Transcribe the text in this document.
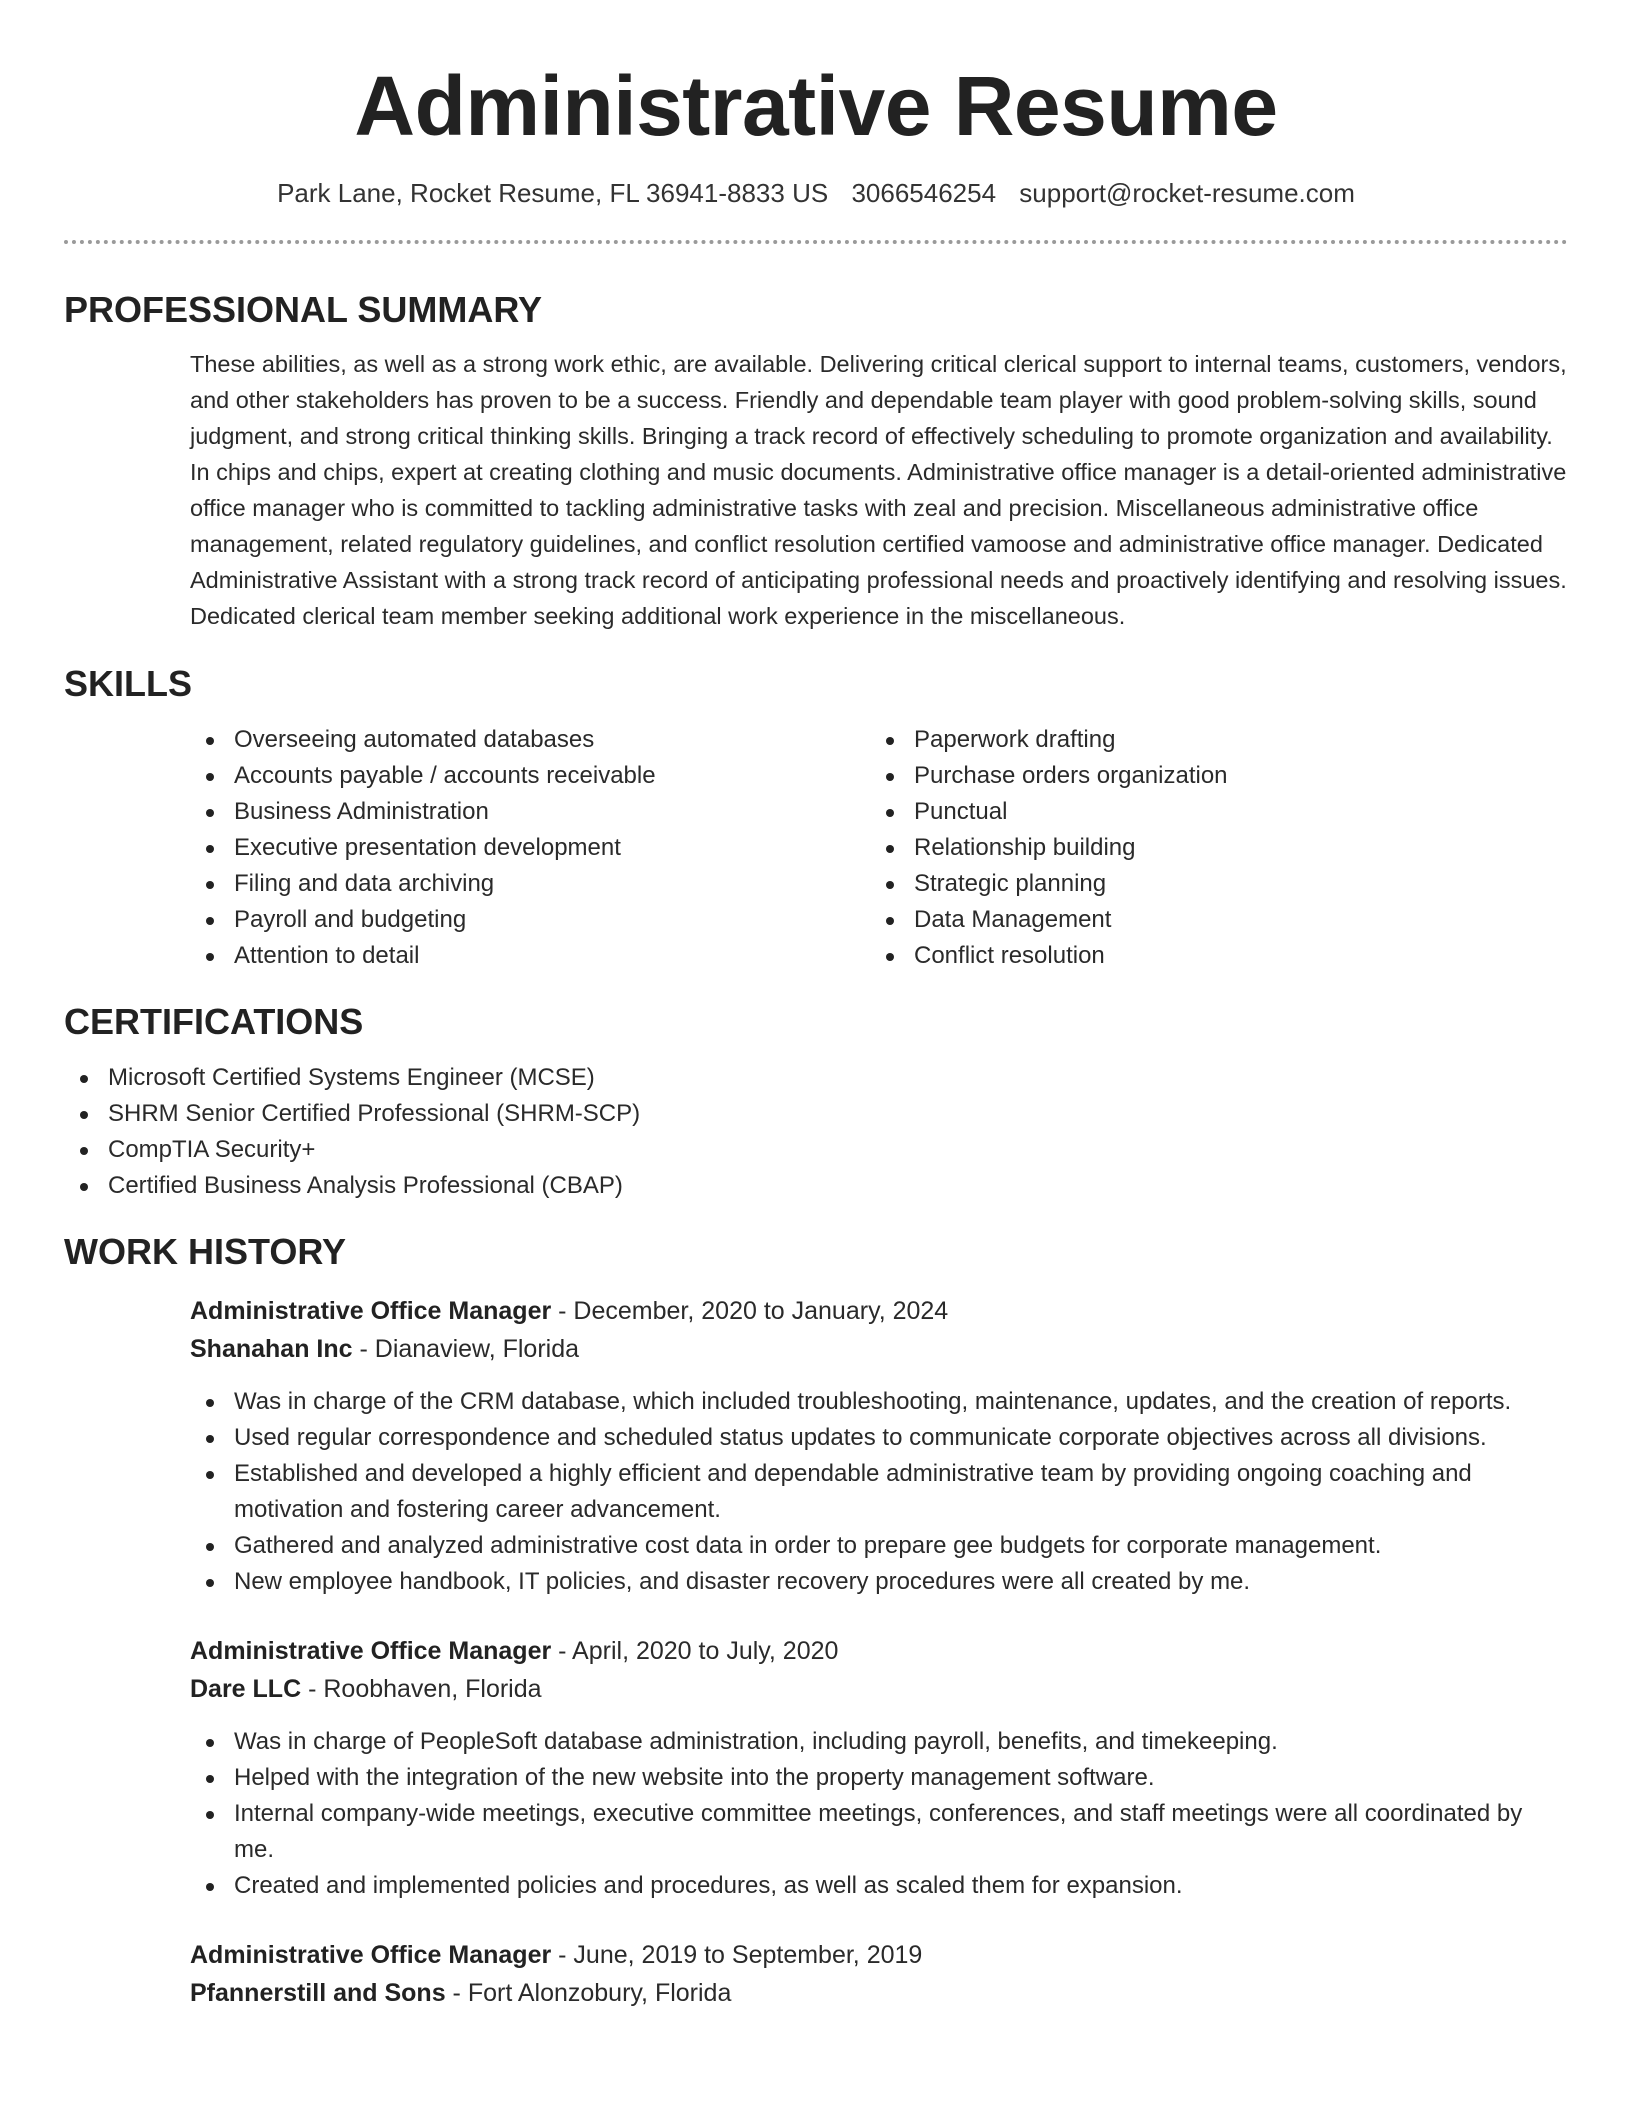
Administrative Resume
Park Lane, Rocket Resume, FL 36941-8833 US 3066546254 support@rocket-resume.com
PROFESSIONAL SUMMARY

These abilities, as well as a strong work ethic, are available. Delivering critical clerical support to internal teams, customers, vendors, and other stakeholders has proven to be a success. Friendly and dependable team player with good problem-solving skills, sound judgment, and strong critical thinking skills. Bringing a track record of effectively scheduling to promote organization and availability. In chips and chips, expert at creating clothing and music documents. Administrative office manager is a detail-oriented administrative office manager who is committed to tackling administrative tasks with zeal and precision. Miscellaneous administrative office management, related regulatory guidelines, and conflict resolution certified vamoose and administrative office manager. Dedicated Administrative Assistant with a strong track record of anticipating professional needs and proactively identifying and resolving issues. Dedicated clerical team member seeking additional work experience in the miscellaneous.

SKILLS
Overseeing automated databases
Accounts payable / accounts receivable
Business Administration
Executive presentation development
Filing and data archiving
Payroll and budgeting
Attention to detail
Paperwork drafting
Purchase orders organization
Punctual
Relationship building
Strategic planning
Data Management
Conflict resolution
CERTIFICATIONS
Microsoft Certified Systems Engineer (MCSE)
SHRM Senior Certified Professional (SHRM-SCP)
CompTIA Security+
Certified Business Analysis Professional (CBAP)
WORK HISTORY
Administrative Office Manager - December, 2020 to January, 2024
Shanahan Inc - Dianaview, Florida
Was in charge of the CRM database, which included troubleshooting, maintenance, updates, and the creation of reports.
Used regular correspondence and scheduled status updates to communicate corporate objectives across all divisions.
Established and developed a highly efficient and dependable administrative team by providing ongoing coaching and motivation and fostering career advancement.
Gathered and analyzed administrative cost data in order to prepare gee budgets for corporate management.
New employee handbook, IT policies, and disaster recovery procedures were all created by me.
Administrative Office Manager - April, 2020 to July, 2020
Dare LLC - Roobhaven, Florida
Was in charge of PeopleSoft database administration, including payroll, benefits, and timekeeping.
Helped with the integration of the new website into the property management software.
Internal company-wide meetings, executive committee meetings, conferences, and staff meetings were all coordinated by me.
Created and implemented policies and procedures, as well as scaled them for expansion.
Administrative Office Manager - June, 2019 to September, 2019
Pfannerstill and Sons - Fort Alonzobury, Florida
